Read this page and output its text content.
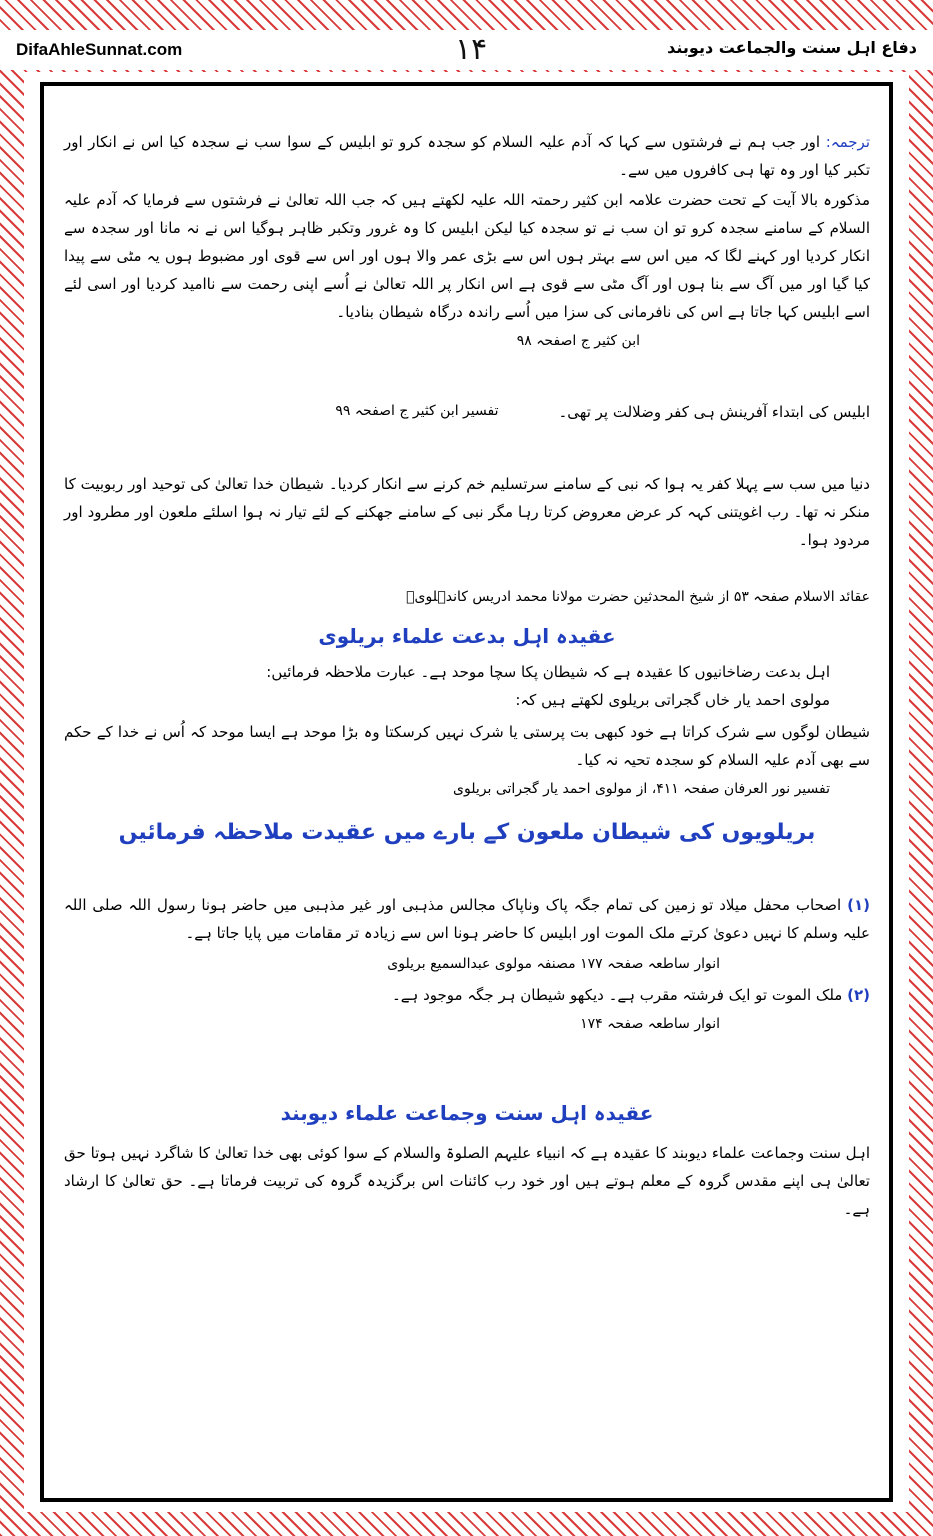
DifaAhleSunnat.com	۱۴	دفاع اہل سنت والجماعت دیوبند

ترجمہ: اور جب ہم نے فرشتوں سے کہا کہ آدم علیہ السلام کو سجدہ کرو تو ابلیس کے سوا سب نے سجدہ کیا اس نے انکار اور تکبر کیا اور وہ تھا ہی کافروں میں سے۔

مذکورہ بالا آیت کے تحت حضرت علامہ ابن کثیر رحمتہ اللہ علیہ لکھتے ہیں کہ جب اللہ تعالیٰ نے فرشتوں سے فرمایا کہ آدم علیہ السلام کے سامنے سجدہ کرو تو ان سب نے تو سجدہ کیا لیکن ابلیس کا وہ غرور وتکبر ظاہر ہوگیا اس نے نہ مانا اور سجدہ سے انکار کردیا اور کہنے لگا کہ میں اس سے بہتر ہوں اس سے بڑی عمر والا ہوں اور اس سے قوی اور مضبوط ہوں یہ مٹی سے پیدا کیا گیا اور میں آگ سے بنا ہوں اور آگ مٹی سے قوی ہے اس انکار پر اللہ تعالیٰ نے اُسے اپنی رحمت سے ناامید کردیا اور اسی لئے اسے ابلیس کہا جاتا ہے اس کی نافرمانی کی سزا میں اُسے راندہ درگاہ شیطان بنادیا۔

ابن کثیر ج اصفحہ ۹۸

ابلیس کی ابتداء آفرینش ہی کفر وضلالت پر تھی۔
تفسیر ابن کثیر ج اصفحہ ۹۹

دنیا میں سب سے پہلا کفر یہ ہوا کہ نبی کے سامنے سرتسلیم خم کرنے سے انکار کردیا۔ شیطان خدا تعالیٰ کی توحید اور ربوبیت کا منکر نہ تھا۔ رب اغویتنی کہہ کر عرض معروض کرتا رہا مگر نبی کے سامنے جھکنے کے لئے تیار نہ ہوا اسلئے ملعون اور مطرود اور مردود ہوا۔

عقائد الاسلام صفحہ ۵۳ از شیخ المحدثین حضرت مولانا محمد ادریس کاندہلویؒ

عقیدہ اہل بدعت علماء بریلوی

اہل بدعت رضاخانیوں کا عقیدہ ہے کہ شیطان پکا سچا موحد ہے۔ عبارت ملاحظہ فرمائیں:

مولوی احمد یار خاں گجراتی بریلوی لکھتے ہیں کہ:

شیطان لوگوں سے شرک کراتا ہے خود کبھی بت پرستی یا شرک نہیں کرسکتا وہ بڑا موحد ہے ایسا موحد کہ اُس نے خدا کے حکم سے بھی آدم علیہ السلام کو سجدہ تحیہ نہ کیا۔

تفسیر نور العرفان صفحہ ۴۱۱، از مولوی احمد یار گجراتی بریلوی

بریلویوں کی شیطان ملعون کے بارے میں عقیدت ملاحظہ فرمائیں

(۱) اصحاب محفل میلاد تو زمین کی تمام جگہ پاک وناپاک مجالس مذہبی اور غیر مذہبی میں حاضر ہونا رسول اللہ صلی اللہ علیہ وسلم کا نہیں دعویٰ کرتے ملک الموت اور ابلیس کا حاضر ہونا اس سے زیادہ تر مقامات میں پایا جاتا ہے۔

انوار ساطعہ صفحہ ۱۷۷ مصنفہ مولوی عبدالسمیع بریلوی

(۲) ملک الموت تو ایک فرشتہ مقرب ہے۔ دیکھو شیطان ہر جگہ موجود ہے۔

انوار ساطعہ صفحہ ۱۷۴

عقیدہ اہل سنت وجماعت علماء دیوبند

اہل سنت وجماعت علماء دیوبند کا عقیدہ ہے کہ انبیاء علیہم الصلوۃ والسلام کے سوا کوئی بھی خدا تعالیٰ کا شاگرد نہیں ہوتا حق تعالیٰ ہی اپنے مقدس گروہ کے معلم ہوتے ہیں اور خود رب کائنات اس برگزیدہ گروہ کی تربیت فرماتا ہے۔ حق تعالیٰ کا ارشاد ہے۔
